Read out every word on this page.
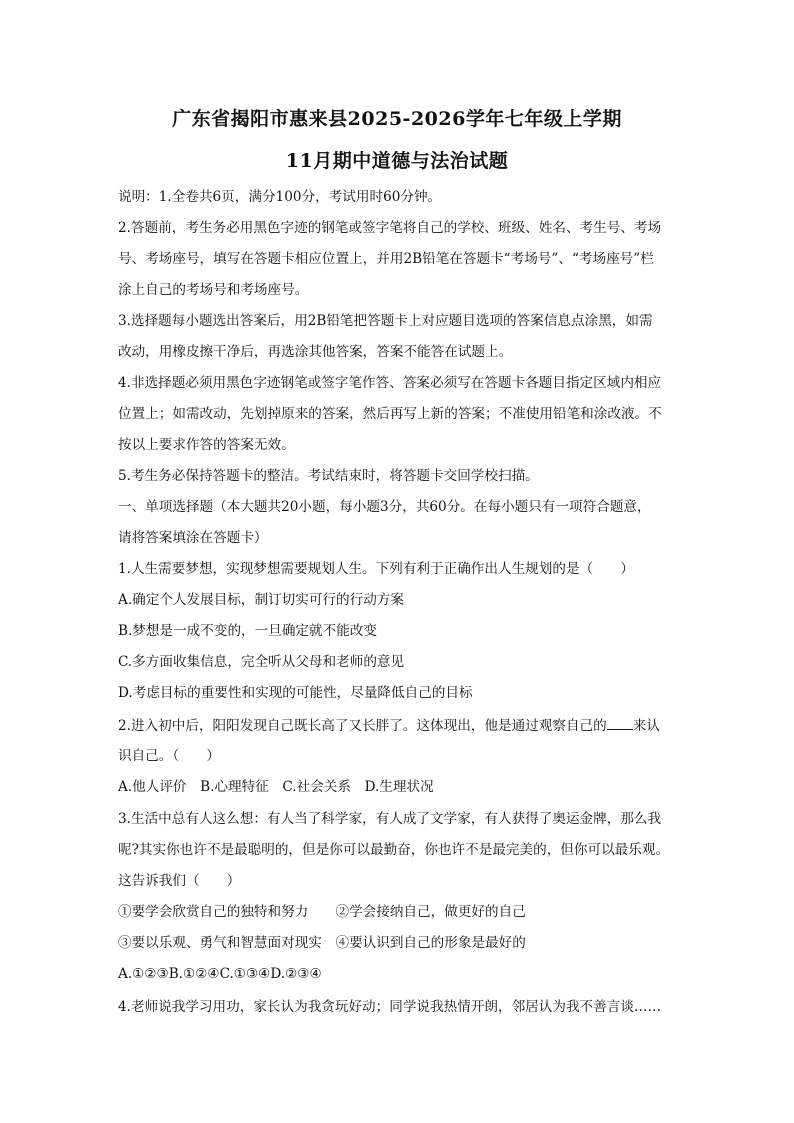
广东省揭阳市惠来县2025-2026学年七年级上学期
11月期中道德与法治试题
说明：1.全卷共6页，满分100分，考试用时60分钟。
2.答题前，考生务必用黑色字迹的钢笔或签字笔将自己的学校、班级、姓名、考生号、考场
号、考场座号，填写在答题卡相应位置上，并用2B铅笔在答题卡“考场号”、“考场座号”栏
涂上自己的考场号和考场座号。
3.选择题每小题选出答案后，用2B铅笔把答题卡上对应题目选项的答案信息点涂黑，如需
改动，用橡皮擦干净后，再选涂其他答案，答案不能答在试题上。
4.非选择题必须用黑色字迹钢笔或签字笔作答、答案必须写在答题卡各题目指定区域内相应
位置上；如需改动，先划掉原来的答案，然后再写上新的答案；不准使用铅笔和涂改液。不
按以上要求作答的答案无效。
5.考生务必保持答题卡的整洁。考试结束时，将答题卡交回学校扫描。
一、单项选择题（本大题共20小题，每小题3分，共60分。在每小题只有一项符合题意，
请将答案填涂在答题卡）
1.人生需要梦想，实现梦想需要规划人生。下列有利于正确作出人生规划的是（　　）
A.确定个人发展目标，制订切实可行的行动方案
B.梦想是一成不变的，一旦确定就不能改变
C.多方面收集信息，完全听从父母和老师的意见
D.考虑目标的重要性和实现的可能性，尽量降低自己的目标
2.进入初中后，阳阳发现自己既长高了又长胖了。这体现出，他是通过观察自己的 来认
识自己。（　　）
A.他人评价　B.心理特征　C.社会关系　D.生理状况
3.生活中总有人这么想：有人当了科学家，有人成了文学家，有人获得了奥运金牌，那么我
呢?其实你也许不是最聪明的，但是你可以最勤奋，你也许不是最完美的，但你可以最乐观。
这告诉我们（　　）
①要学会欣赏自己的独特和努力　　②学会接纳自己，做更好的自己
③要以乐观、勇气和智慧面对现实　④要认识到自己的形象是最好的
A.①②③B.①②④C.①③④D.②③④
4.老师说我学习用功，家长认为我贪玩好动；同学说我热情开朗，邻居认为我不善言谈……
